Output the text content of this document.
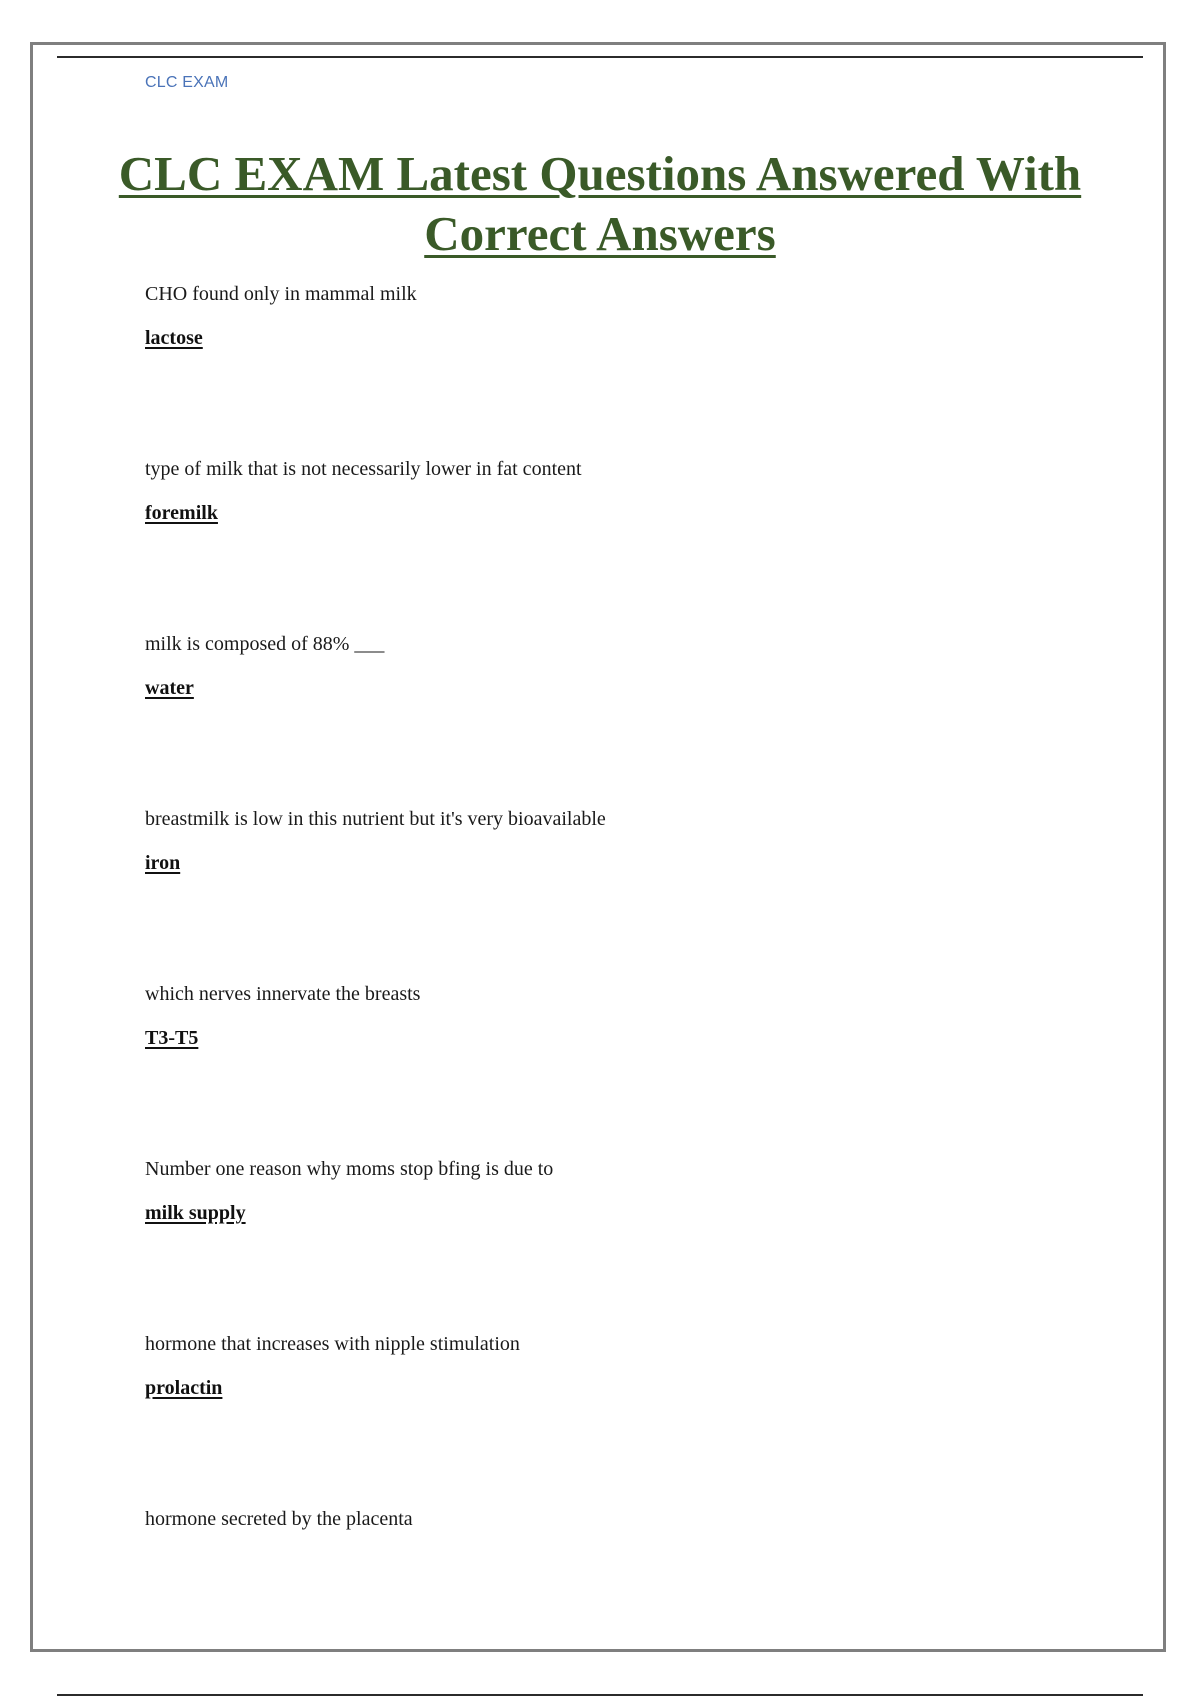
CLC EXAM
CLC EXAM Latest Questions Answered With Correct Answers
CHO found only in mammal milk
lactose
type of milk that is not necessarily lower in fat content
foremilk
milk is composed of 88% ___
water
breastmilk is low in this nutrient but it's very bioavailable
iron
which nerves innervate the breasts
T3-T5
Number one reason why moms stop bfing is due to
milk supply
hormone that increases with nipple stimulation
prolactin
hormone secreted by the placenta
